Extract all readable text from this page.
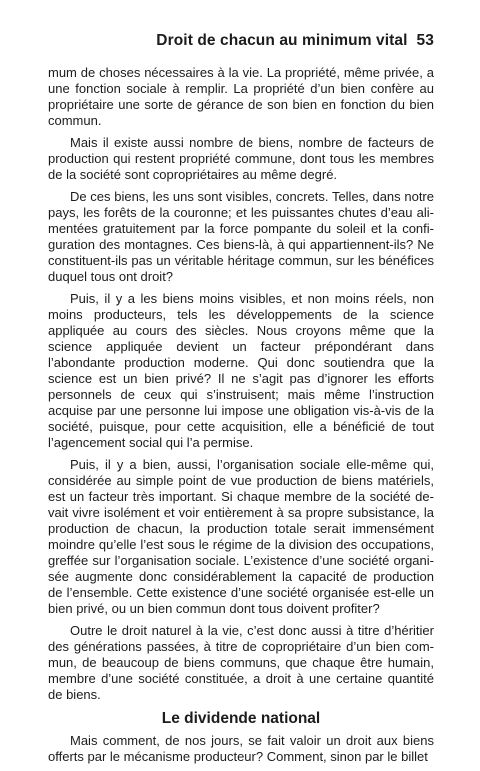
Droit de chacun au minimum vital 53

mum de choses nécessaires à la vie. La propriété, même privée, a une fonction sociale à remplir. La propriété d’un bien confère au propriétaire une sorte de gérance de son bien en fonction du bien commun.

Mais il existe aussi nombre de biens, nombre de facteurs de production qui restent propriété commune, dont tous les membres de la société sont copropriétaires au même degré.

De ces biens, les uns sont visibles, concrets. Telles, dans notre pays, les forêts de la couronne; et les puissantes chutes d’eau alimentées gratuitement par la force pompante du soleil et la configuration des montagnes. Ces biens-là, à qui appartiennent-ils? Ne constituent-ils pas un véritable héritage commun, sur les bénéfices duquel tous ont droit?

Puis, il y a les biens moins visibles, et non moins réels, non moins producteurs, tels les développements de la science appliquée au cours des siècles. Nous croyons même que la science appliquée devient un facteur prépondérant dans l’abondante production moderne. Qui donc soutiendra que la science est un bien privé? Il ne s’agit pas d’ignorer les efforts personnels de ceux qui s’instruisent; mais même l’instruction acquise par une personne lui impose une obligation vis-à-vis de la société, puisque, pour cette acquisition, elle a bénéficié de tout l’agencement social qui l’a permise.

Puis, il y a bien, aussi, l’organisation sociale elle-même qui, considérée au simple point de vue production de biens matériels, est un facteur très important. Si chaque membre de la société devait vivre isolément et voir entièrement à sa propre subsistance, la production de chacun, la production totale serait immensément moindre qu’elle l’est sous le régime de la division des occupations, greffée sur l’organisation sociale. L’existence d’une société organisée augmente donc considérablement la capacité de production de l’ensemble. Cette existence d’une société organisée est-elle un bien privé, ou un bien commun dont tous doivent profiter?

Outre le droit naturel à la vie, c’est donc aussi à titre d’héritier des générations passées, à titre de copropriétaire d’un bien commun, de beaucoup de biens communs, que chaque être humain, membre d’une société constituée, a droit à une certaine quantité de biens.

Le dividende national

Mais comment, de nos jours, se fait valoir un droit aux biens offerts par le mécanisme producteur? Comment, sinon par le billet
